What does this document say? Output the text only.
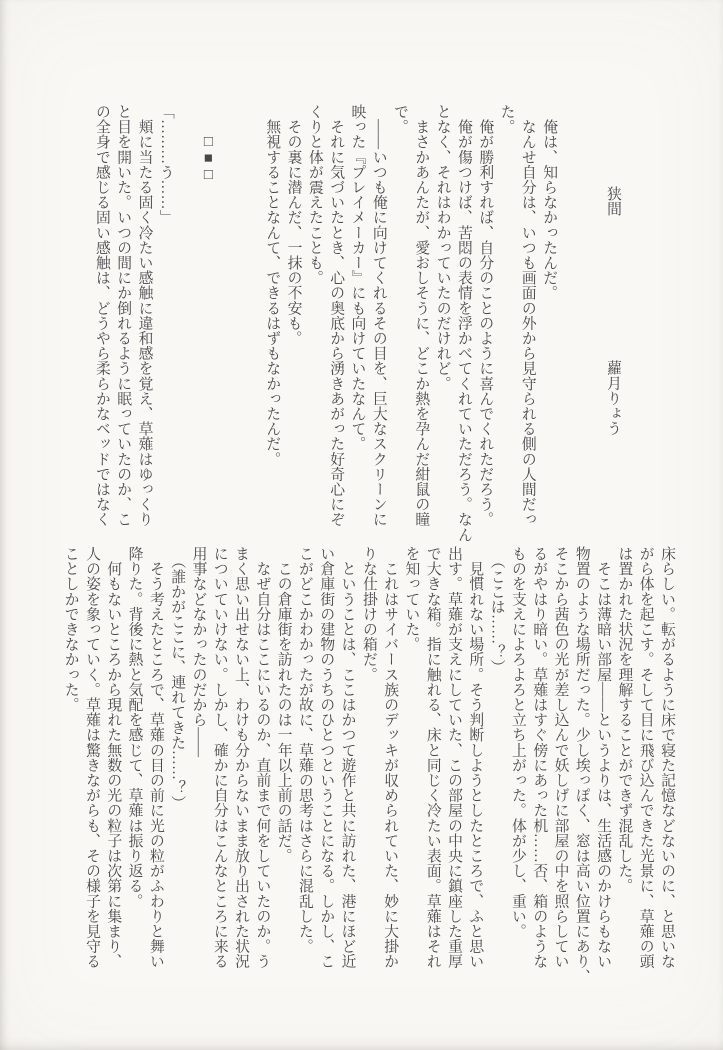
狭間  蘿月りょう
　俺は、知らなかったんだ。
　なんせ自分は、いつも画面の外から見守られる側の人間だっ
た。
　俺が勝利すれば、自分のことのように喜んでくれただろう。
　俺が傷つけば、苦悶の表情を浮かべてくれていただろう。なん
となく、それはわかっていたのだけれど。
　まさかあんたが、愛おしそうに、どこか熱を孕んだ紺鼠の瞳
で。
　――いつも俺に向けてくれるその目を、巨大なスクリーンに
映った『プレイメーカー』にも向けていたなんて。
　それに気づいたとき、心の奥底から湧きあがった好奇心にぞ
くりと体が震えたことも。
　その裏に潜んだ、一抹の不安も。
　無視することなんて、できるはずもなかったんだ。
　　□■□
「………う……」
　頬に当たる固く冷たい感触に違和感を覚え、草薙はゆっくり
と目を開いた。いつの間にか倒れるように眠っていたのか、こ
の全身で感じる固い感触は、どうやら柔らかなベッドではなく
床らしい。転がるように床で寝た記憶などないのに、と思いな
がら体を起こす。そして目に飛び込んできた光景に、草薙の頭
は置かれた状況を理解することができず混乱した。
　そこは薄暗い部屋――というよりは、生活感のかけらもない
物置のような場所だった。少し埃っぽく、窓は高い位置にあり、
そこから茜色の光が差し込んで妖しげに部屋の中を照らしてい
るがやはり暗い。草薙はすぐ傍にあった机……否、箱のような
ものを支えによろよろと立ち上がった。体が少し、重い。
　（ここは……？）
　見慣れない場所。そう判断しようとしたところで、ふと思い
出す。草薙が支えにしていた、この部屋の中央に鎮座した重厚
で大きな箱。指に触れる、床と同じく冷たい表面。草薙はそれ
を知っていた。
　これはサイバース族のデッキが収められていた、妙に大掛か
りな仕掛けの箱だ。
　ということは、ここはかつて遊作と共に訪れた、港にほど近
い倉庫街の建物のうちのひとつということになる。しかし、こ
こがどこかわかったが故に、草薙の思考はさらに混乱した。
　この倉庫街を訪れたのは一年以上前の話だ。
　なぜ自分はここにいるのか、直前まで何をしていたのか。う
まく思い出せない上、わけも分からないまま放り出された状況
についていけない。しかし、確かに自分はこんなところに来る
用事などなかったのだから――
　（誰かがここに、連れてきた……？）
　そう考えたところで、草薙の目の前に光の粒がふわりと舞い
降りた。背後に熱と気配を感じて、草薙は振り返る。
　何もないところから現れた無数の光の粒子は次第に集まり、
人の姿を象っていく。草薙は驚きながらも、その様子を見守る
ことしかできなかった。
